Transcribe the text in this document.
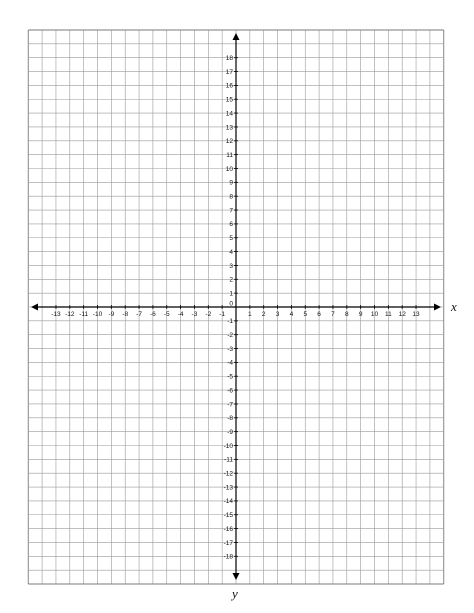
-13 -12 -11 -10 -9 -8 -7 -6 -5 -4 -3 -2 -1	1 2 3 4 5 6 7 8 9 10 11 12 13
18
17
16
15
14
13
12
11
10
9
8
7
6
5
4
3
2
1
-1
-2
-3
-4
-5
-6
-7
-8
-9
-10
-11
-12
-13
-14
-15
-16
-17
-18
0	x
y
